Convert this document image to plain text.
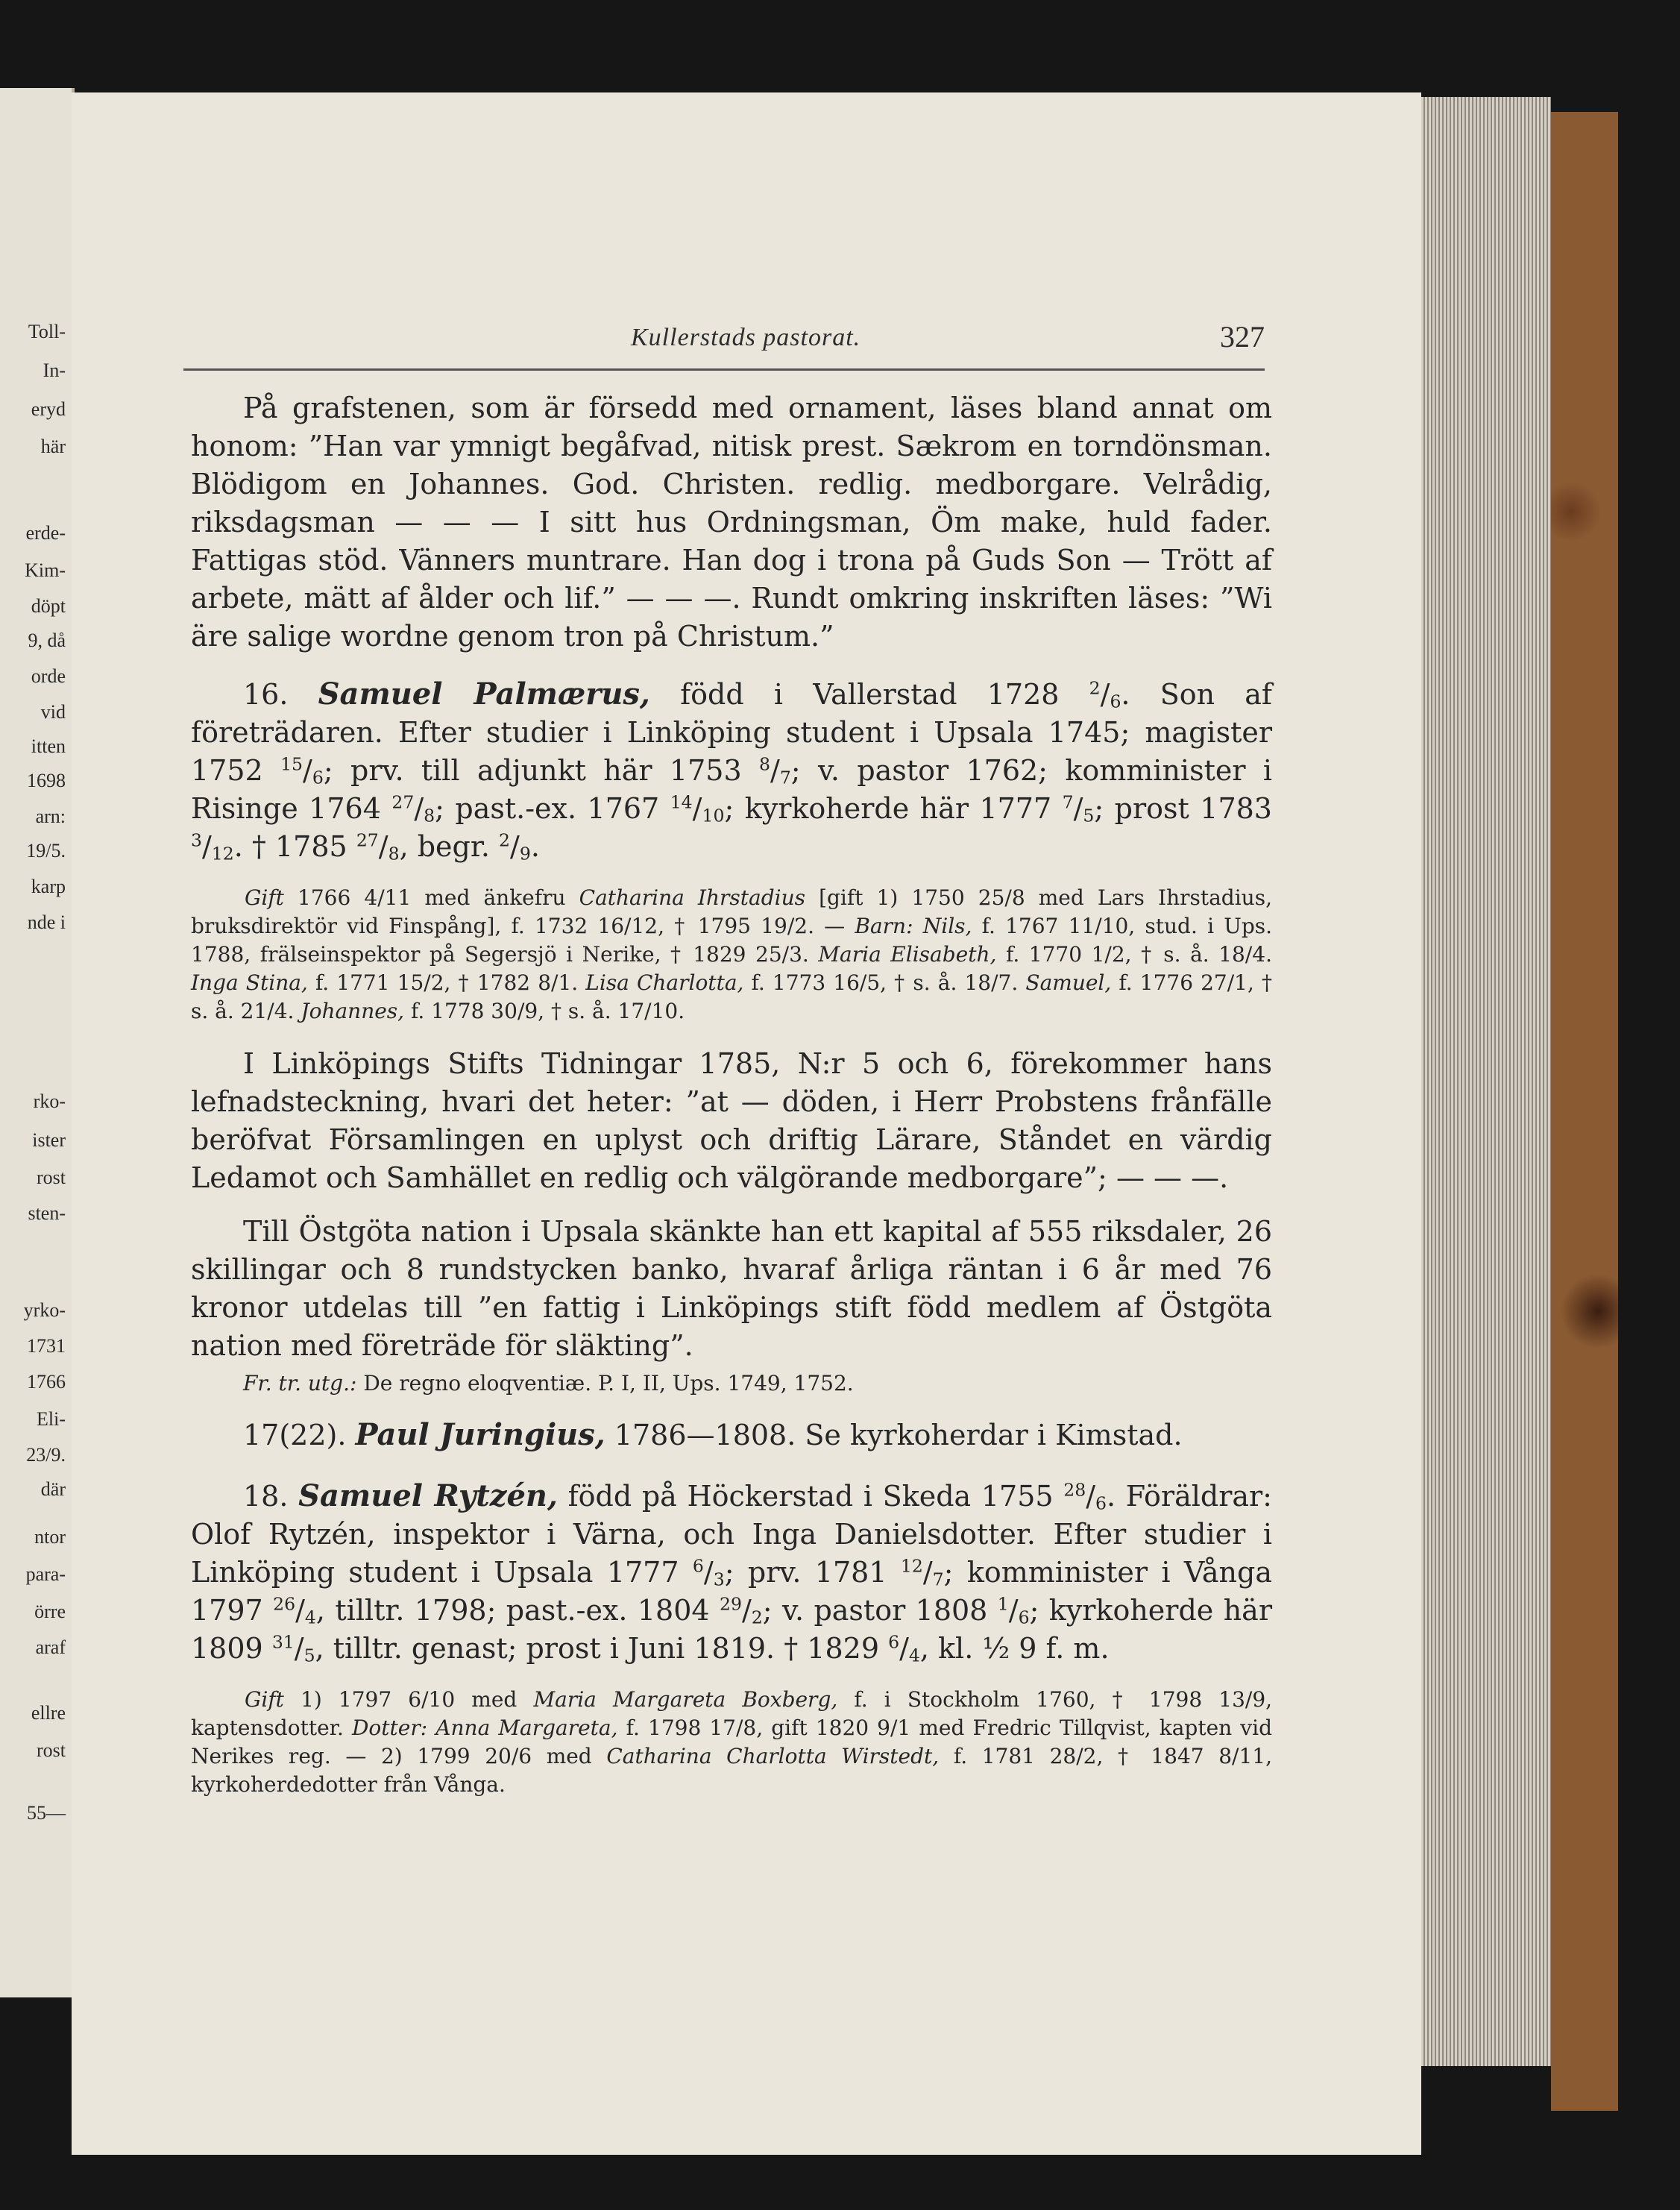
Toll-
In-
eryd
här
erde-
Kim-
döpt
9, då
orde
vid
itten
1698
arn:
19/5.
karp
nde i
rko-
ister
rost
sten-
yrko-
1731
1766
Eli-
23/9.
där
ntor
para-
örre
araf
ellre
rost
55—
Kullerstads pastorat.	327

På grafstenen, som är försedd med ornament, läses bland annat om honom: ”Han var ymnigt begåfvad, nitisk prest. Sækrom en torndönsman. Blödigom en Johannes. God. Christen. redlig. medborgare. Velrådig, riksdagsman — — — I sitt hus Ordningsman, Öm make, huld fader. Fattigas stöd. Vänners muntrare. Han dog i trona på Guds Son — Trött af arbete, mätt af ålder och lif.” — — —. Rundt omkring inskriften läses: ”Wi äre salige wordne genom tron på Christum.”

16. Samuel Palmærus, född i Vallerstad 1728 $^2/_6$. Son af företrädaren. Efter studier i Linköping student i Upsala 1745; magister 1752 $^{15}/_6$; prv. till adjunkt här 1753 $^8/_7$; v. pastor 1762; komminister i Risinge 1764 $^{27}/_8$; past.-ex. 1767 $^{14}/_{10}$; kyrkoherde här 1777 $^7/_5$; prost 1783 $^3/_{12}$. † 1785 $^{27}/_8$, begr. $^2/_9$.

Gift 1766 4/11 med änkefru Catharina Ihrstadius [gift 1) 1750 25/8 med Lars Ihrstadius, bruksdirektör vid Finspång], f. 1732 16/12, † 1795 19/2. — Barn: Nils, f. 1767 11/10, stud. i Ups. 1788, frälseinspektor på Segersjö i Nerike, † 1829 25/3. Maria Elisabeth, f. 1770 1/2, † s. å. 18/4. Inga Stina, f. 1771 15/2, † 1782 8/1. Lisa Charlotta, f. 1773 16/5, † s. å. 18/7. Samuel, f. 1776 27/1, † s. å. 21/4. Johannes, f. 1778 30/9, † s. å. 17/10.

I Linköpings Stifts Tidningar 1785, N:r 5 och 6, förekommer hans lefnadsteckning, hvari det heter: ”at — döden, i Herr Probstens frånfälle beröfvat Församlingen en uplyst och driftig Lärare, Ståndet en värdig Ledamot och Samhället en redlig och välgörande medborgare”; — — —.

Till Östgöta nation i Upsala skänkte han ett kapital af 555 riksdaler, 26 skillingar och 8 rundstycken banko, hvaraf årliga räntan i 6 år med 76 kronor utdelas till ”en fattig i Linköpings stift född medlem af Östgöta nation med företräde för släkting”.

Fr. tr. utg.: De regno eloqventiæ. P. I, II, Ups. 1749, 1752.

17(22). Paul Juringius, 1786—1808. Se kyrkoherdar i Kimstad.

18. Samuel Rytzén, född på Höckerstad i Skeda 1755 $^{28}/_6$. Föräldrar: Olof Rytzén, inspektor i Värna, och Inga Danielsdotter. Efter studier i Linköping student i Upsala 1777 $^6/_3$; prv. 1781 $^{12}/_7$; komminister i Vånga 1797 $^{26}/_4$, tilltr. 1798; past.-ex. 1804 $^{29}/_2$; v. pastor 1808 $^1/_6$; kyrkoherde här 1809 $^{31}/_5$, tilltr. genast; prost i Juni 1819. † 1829 $^6/_4$, kl. ½ 9 f. m.

Gift 1) 1797 6/10 med Maria Margareta Boxberg, f. i Stockholm 1760, † 1798 13/9, kaptensdotter. Dotter: Anna Margareta, f. 1798 17/8, gift 1820 9/1 med Fredric Tillqvist, kapten vid Nerikes reg. — 2) 1799 20/6 med Catharina Charlotta Wirstedt, f. 1781 28/2, † 1847 8/11, kyrkoherdedotter från Vånga.
